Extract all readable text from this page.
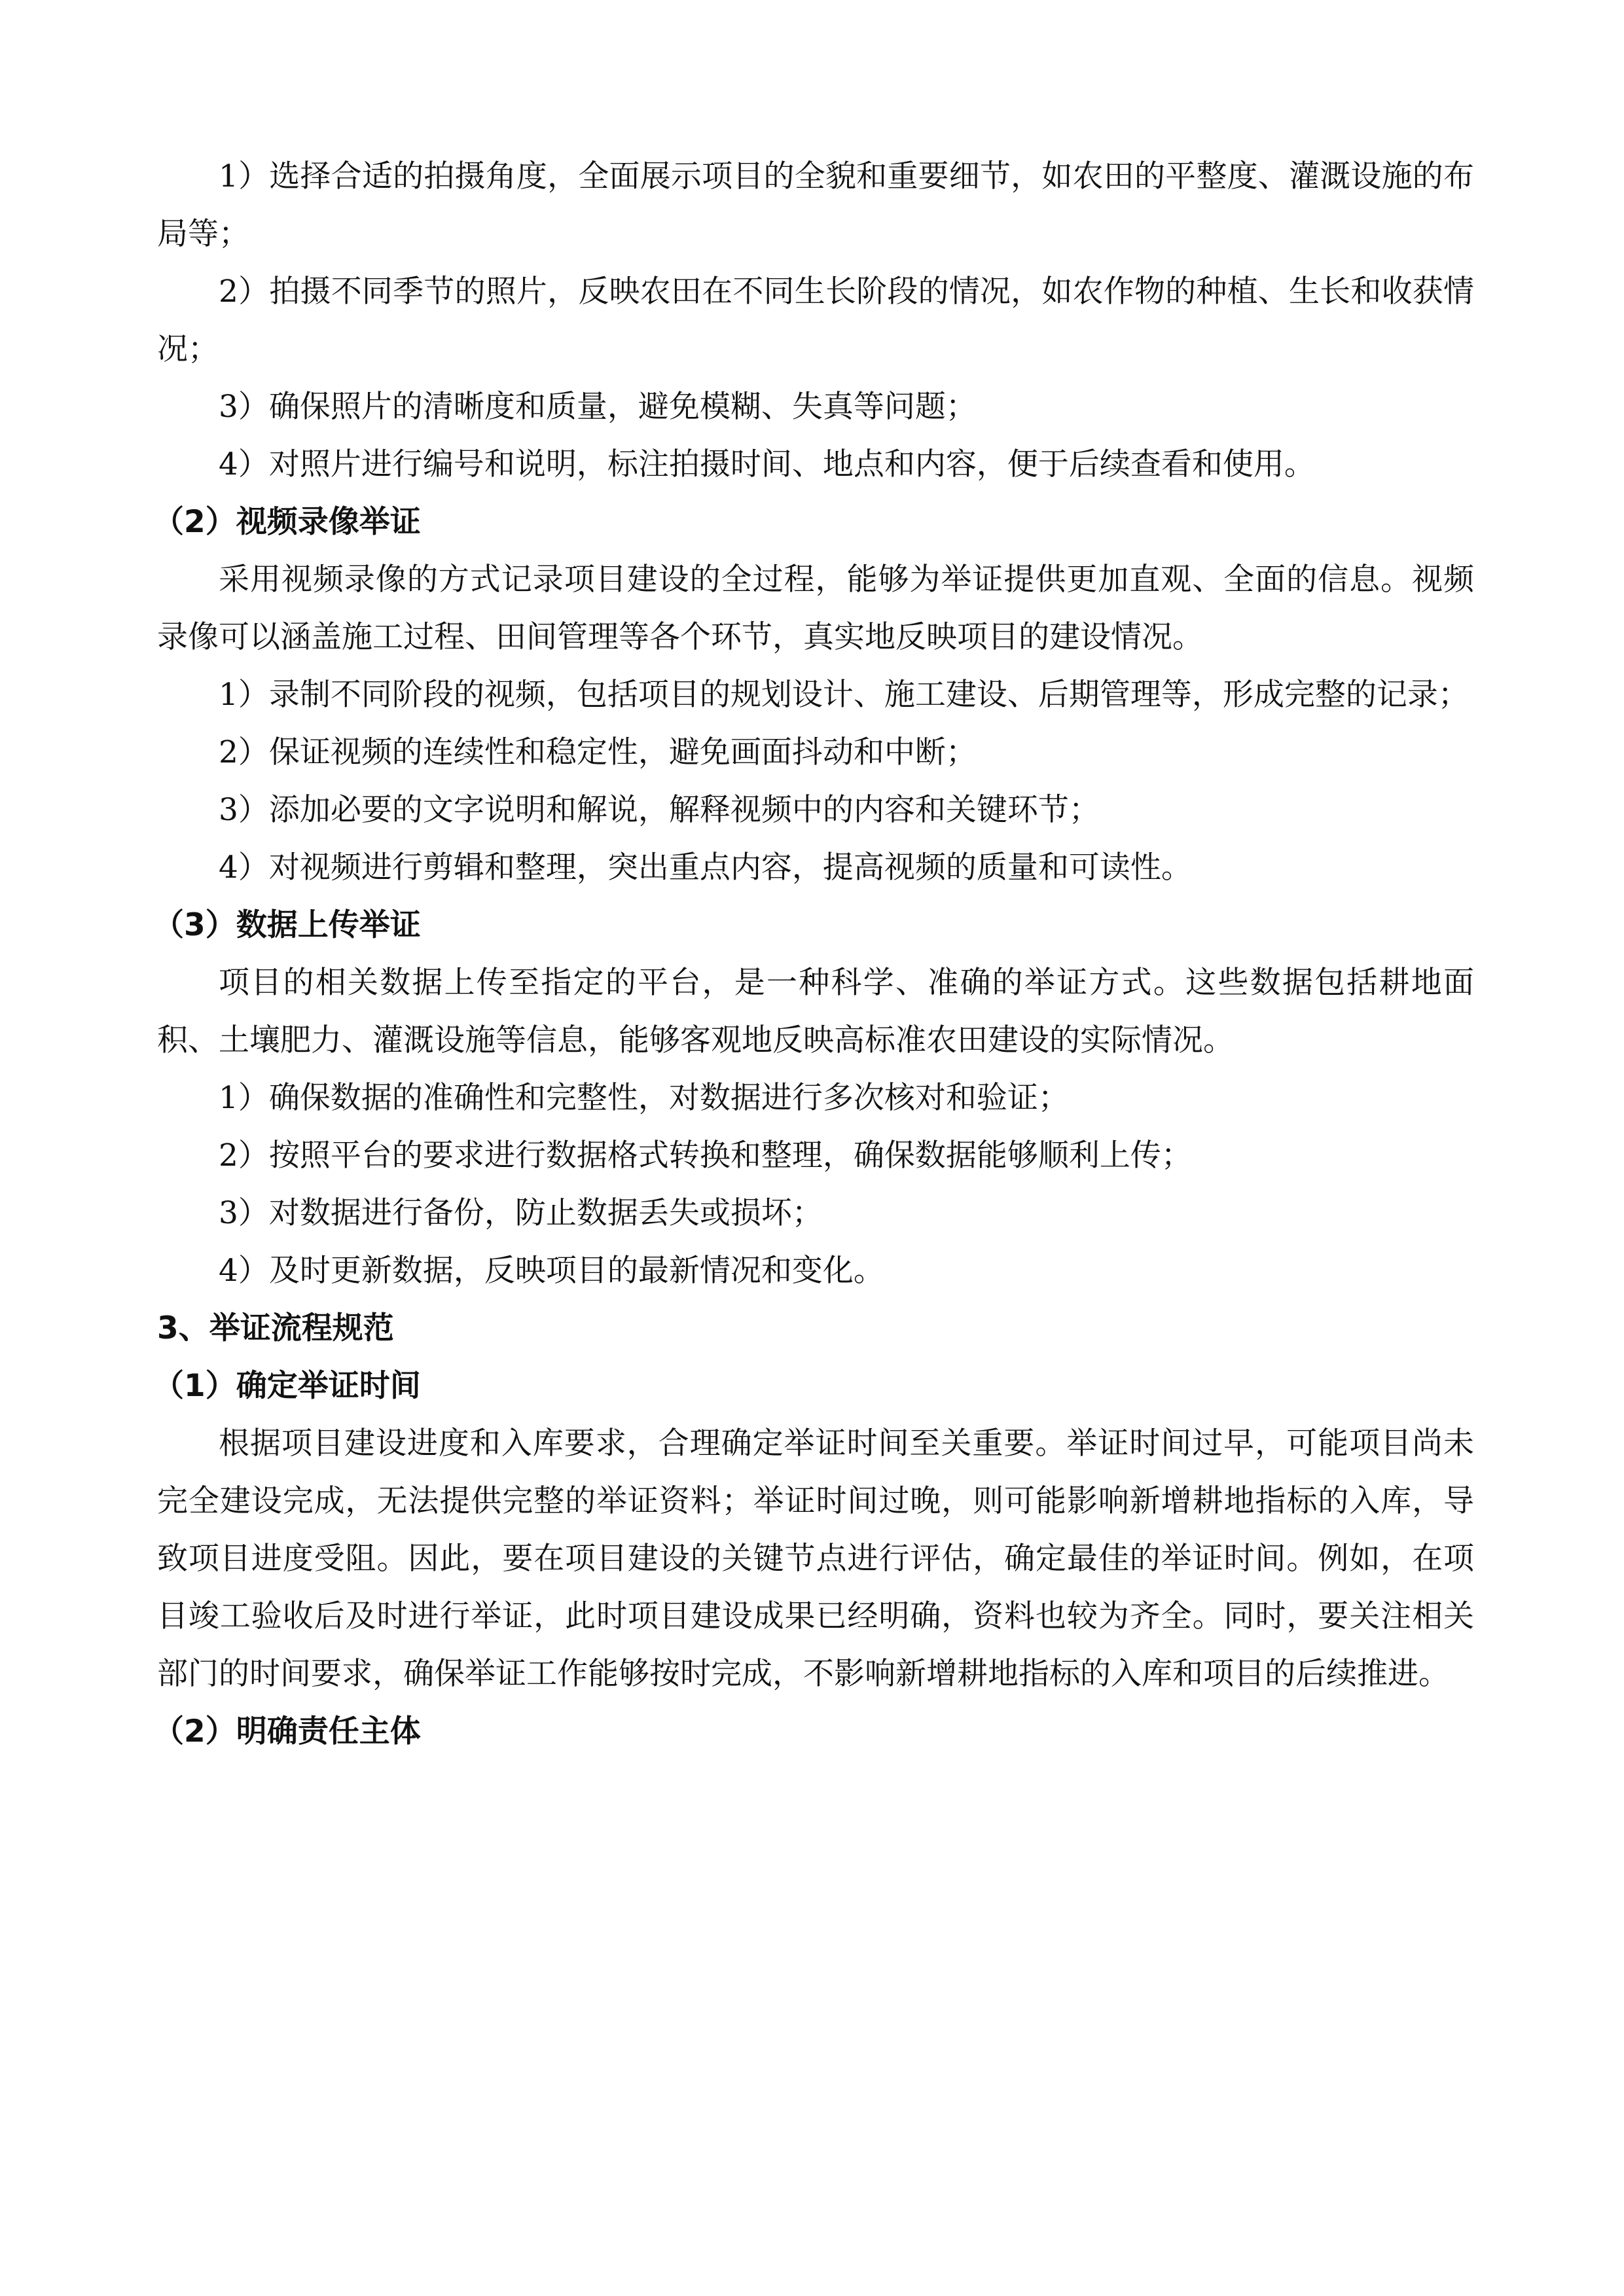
1）选择合适的拍摄角度，全面展示项目的全貌和重要细节，如农田的平整度、灌溉设施的布局等；

2）拍摄不同季节的照片，反映农田在不同生长阶段的情况，如农作物的种植、生长和收获情况；

3）确保照片的清晰度和质量，避免模糊、失真等问题；

4）对照片进行编号和说明，标注拍摄时间、地点和内容，便于后续查看和使用。

（2）视频录像举证

采用视频录像的方式记录项目建设的全过程，能够为举证提供更加直观、全面的信息。视频录像可以涵盖施工过程、田间管理等各个环节，真实地反映项目的建设情况。

1）录制不同阶段的视频，包括项目的规划设计、施工建设、后期管理等，形成完整的记录；

2）保证视频的连续性和稳定性，避免画面抖动和中断；

3）添加必要的文字说明和解说，解释视频中的内容和关键环节；

4）对视频进行剪辑和整理，突出重点内容，提高视频的质量和可读性。

（3）数据上传举证

项目的相关数据上传至指定的平台，是一种科学、准确的举证方式。这些数据包括耕地面积、土壤肥力、灌溉设施等信息，能够客观地反映高标准农田建设的实际情况。

1）确保数据的准确性和完整性，对数据进行多次核对和验证；

2）按照平台的要求进行数据格式转换和整理，确保数据能够顺利上传；

3）对数据进行备份，防止数据丢失或损坏；

4）及时更新数据，反映项目的最新情况和变化。

3、举证流程规范

（1）确定举证时间

根据项目建设进度和入库要求，合理确定举证时间至关重要。举证时间过早，可能项目尚未完全建设完成，无法提供完整的举证资料；举证时间过晚，则可能影响新增耕地指标的入库，导致项目进度受阻。因此，要在项目建设的关键节点进行评估，确定最佳的举证时间。例如，在项目竣工验收后及时进行举证，此时项目建设成果已经明确，资料也较为齐全。同时，要关注相关部门的时间要求，确保举证工作能够按时完成，不影响新增耕地指标的入库和项目的后续推进。

（2）明确责任主体
